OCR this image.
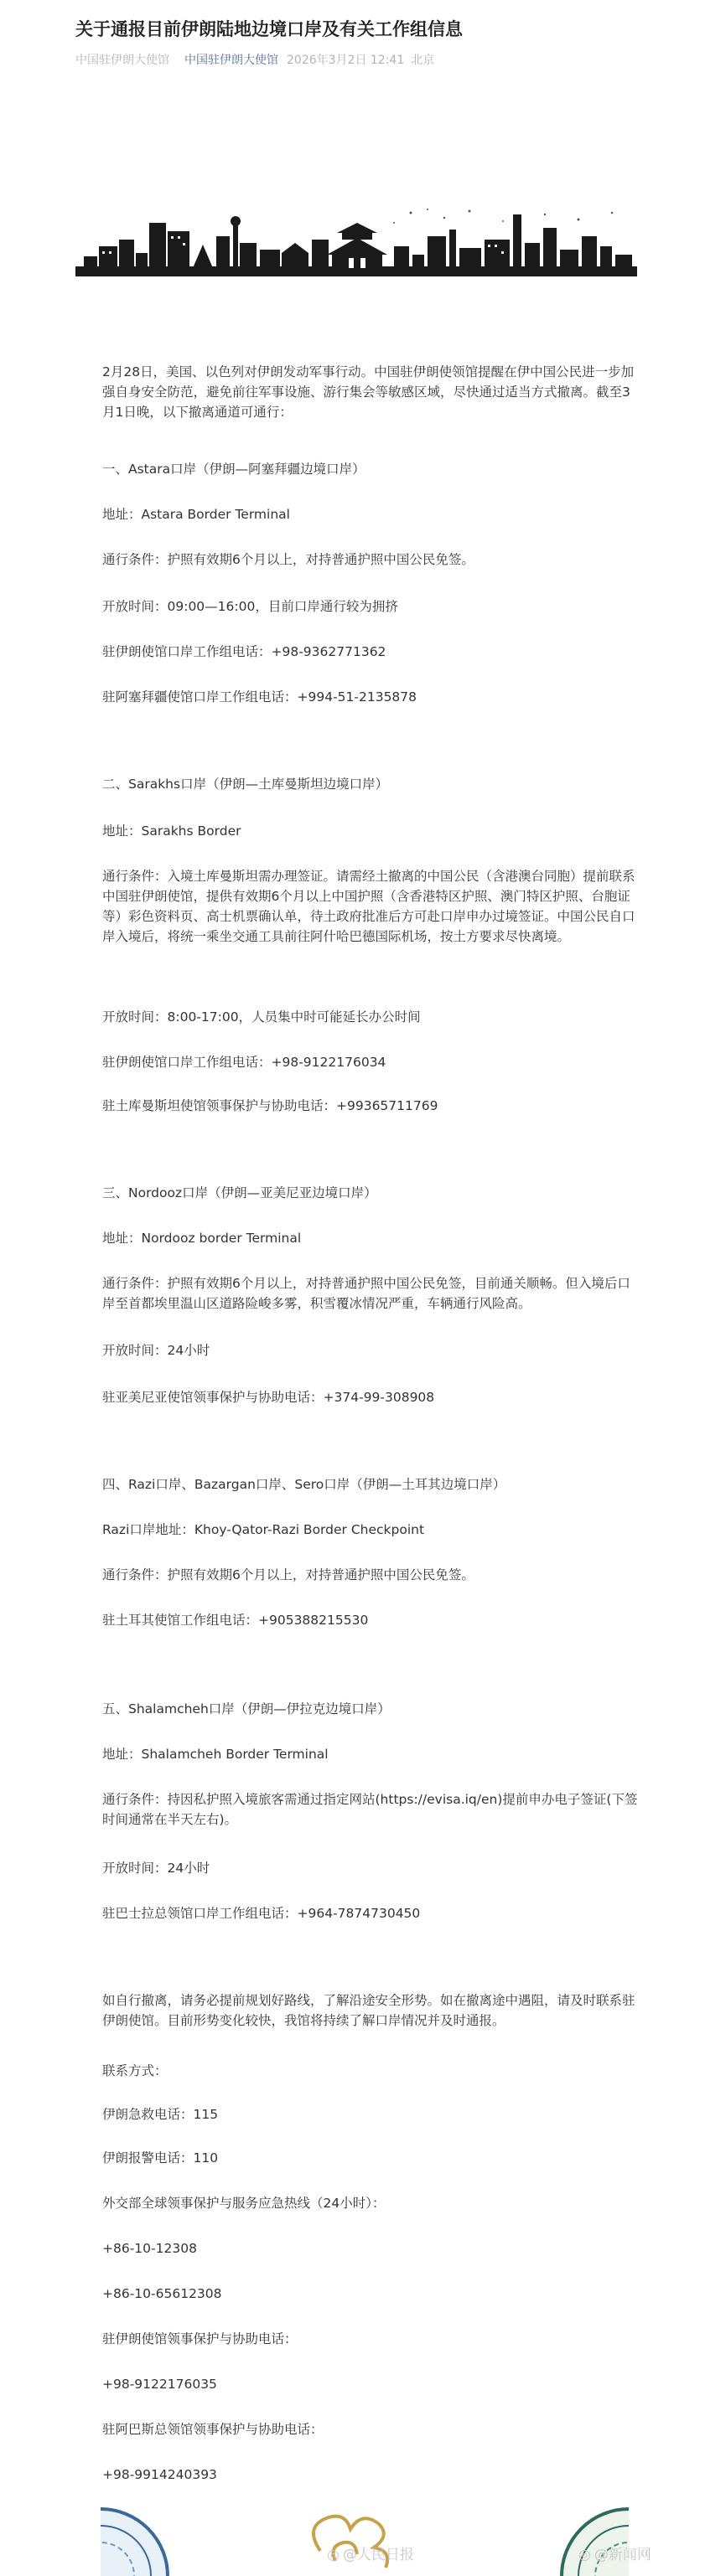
关于通报目前伊朗陆地边境口岸及有关工作组信息
中国驻伊朗大使馆 中国驻伊朗大使馆 2026年3月2日 12:41 北京

2月28日，美国、以色列对伊朗发动军事行动。中国驻伊朗使领馆提醒在伊中国公民进一步加强自身安全防范，避免前往军事设施、游行集会等敏感区域，尽快通过适当方式撤离。截至3月1日晚，以下撤离通道可通行：

一、Astara口岸（伊朗—阿塞拜疆边境口岸）

地址：Astara Border Terminal

通行条件：护照有效期6个月以上，对持普通护照中国公民免签。

开放时间：09:00—16:00，目前口岸通行较为拥挤

驻伊朗使馆口岸工作组电话：+98-9362771362

驻阿塞拜疆使馆口岸工作组电话：+994-51-2135878

二、Sarakhs口岸（伊朗—土库曼斯坦边境口岸）

地址：Sarakhs Border

通行条件：入境土库曼斯坦需办理签证。请需经土撤离的中国公民（含港澳台同胞）提前联系中国驻伊朗使馆，提供有效期6个月以上中国护照（含香港特区护照、澳门特区护照、台胞证等）彩色资料页、高士机票确认单，待土政府批准后方可赴口岸申办过境签证。中国公民自口岸入境后，将统一乘坐交通工具前往阿什哈巴德国际机场，按土方要求尽快离境。

开放时间：8:00-17:00，人员集中时可能延长办公时间

驻伊朗使馆口岸工作组电话：+98-9122176034

驻土库曼斯坦使馆领事保护与协助电话：+99365711769

三、Nordooz口岸（伊朗—亚美尼亚边境口岸）

地址：Nordooz border Terminal

通行条件：护照有效期6个月以上，对持普通护照中国公民免签，目前通关顺畅。但入境后口岸至首都埃里温山区道路险峻多雾，积雪覆冰情况严重，车辆通行风险高。

开放时间：24小时

驻亚美尼亚使馆领事保护与协助电话：+374-99-308908

四、Razi口岸、Bazargan口岸、Sero口岸（伊朗—土耳其边境口岸）

Razi口岸地址：Khoy-Qator-Razi Border Checkpoint

通行条件：护照有效期6个月以上，对持普通护照中国公民免签。

驻土耳其使馆工作组电话：+905388215530

五、Shalamcheh口岸（伊朗—伊拉克边境口岸）

地址：Shalamcheh Border Terminal

通行条件：持因私护照入境旅客需通过指定网站(https://evisa.iq/en)提前申办电子签证(下签时间通常在半天左右)。

开放时间：24小时

驻巴士拉总领馆口岸工作组电话：+964-7874730450

如自行撤离，请务必提前规划好路线，了解沿途安全形势。如在撤离途中遇阻，请及时联系驻伊朗使馆。目前形势变化较快，我馆将持续了解口岸情况并及时通报。

联系方式：

伊朗急救电话：115

伊朗报警电话：110

外交部全球领事保护与服务应急热线（24小时）：

+86-10-12308

+86-10-65612308

驻伊朗使馆领事保护与协助电话：

+98-9122176035

驻阿巴斯总领馆领事保护与协助电话：

+98-9914240393

◎ @人民日报	◎ @新闻网
